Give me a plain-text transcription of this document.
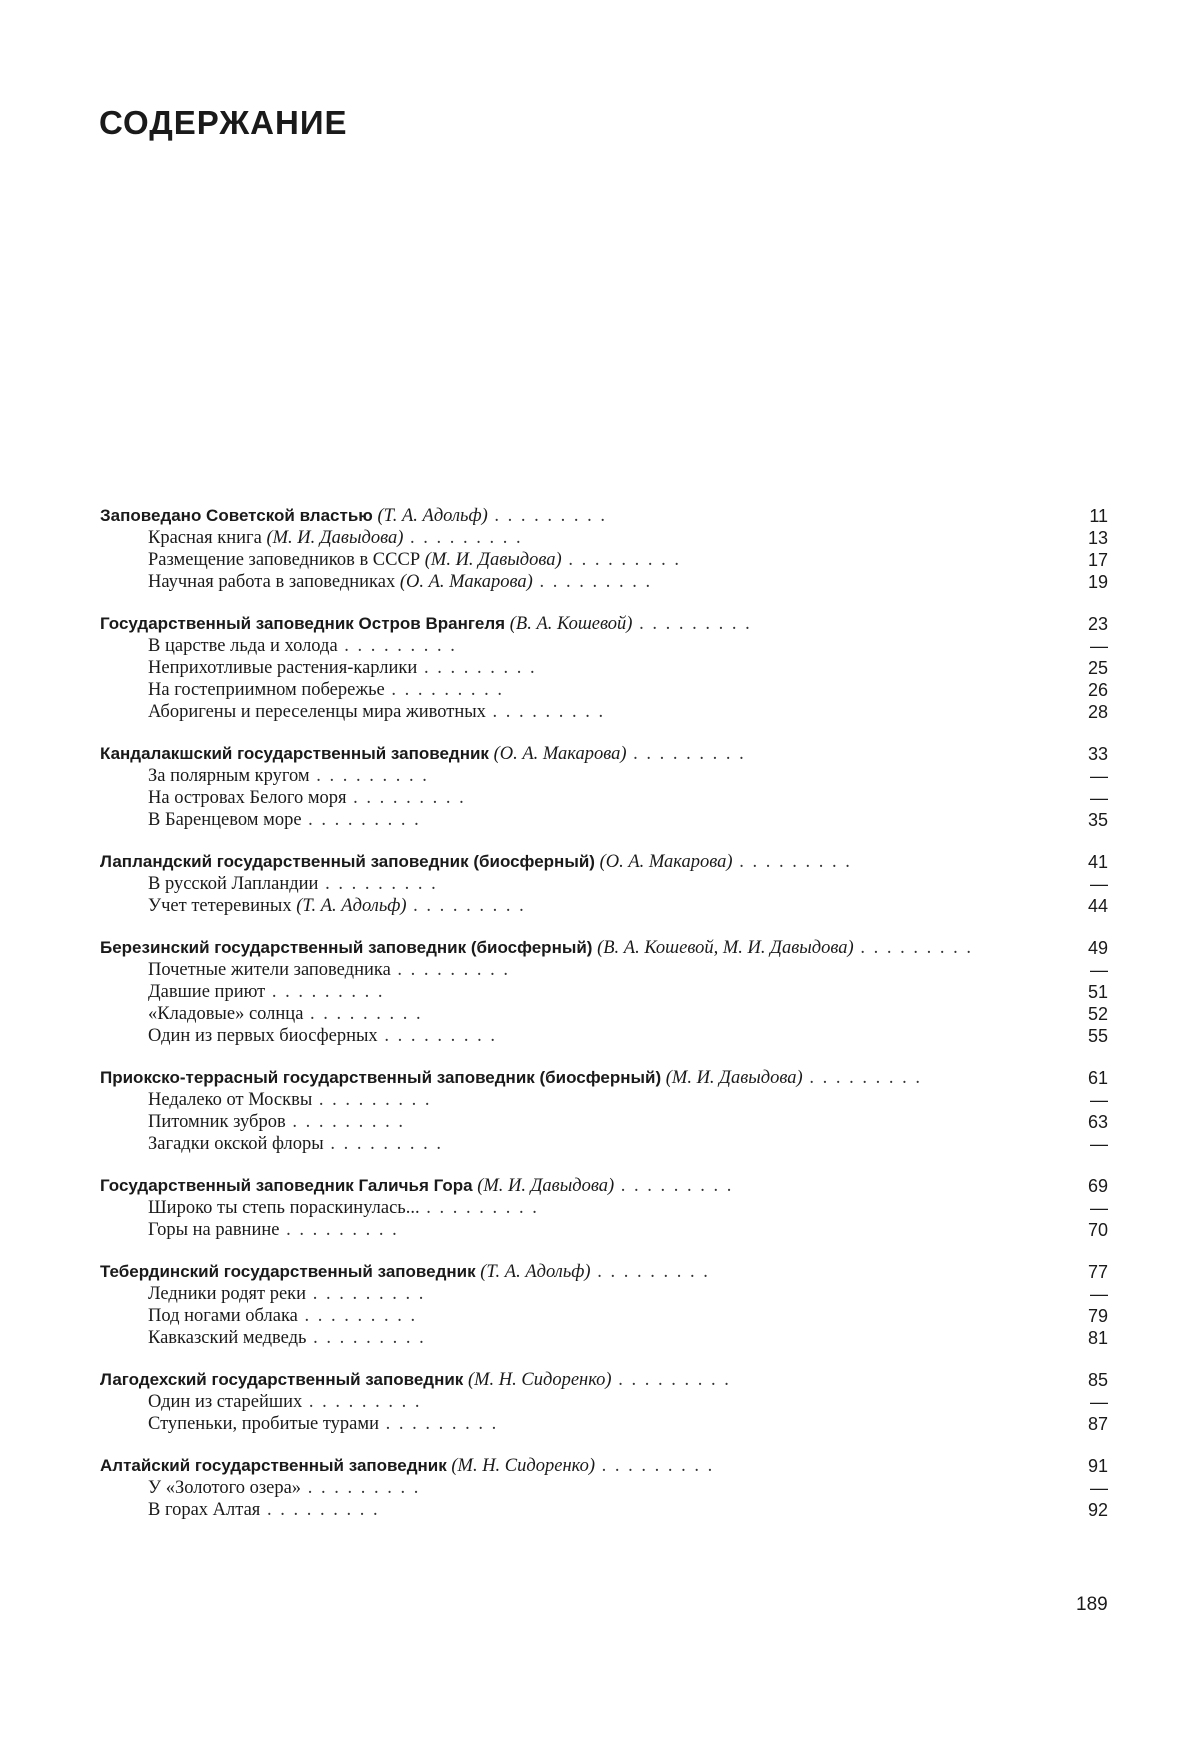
СОДЕРЖАНИЕ
Заповедано Советской властью (Т. А. Адольф) . . . . . . . . .	11
Красная книга (М. И. Давыдова) . . . . . . . . .	13
Размещение заповедников в СССР (М. И. Давыдова) . . . . . . . . .	17
Научная работа в заповедниках (О. А. Макарова) . . . . . . . . .	19
Государственный заповедник Остров Врангеля (В. А. Кошевой) . . . . . . . . .	23
В царстве льда и холода . . . . . . . . .	—
Неприхотливые растения-карлики . . . . . . . . .	25
На гостеприимном побережье . . . . . . . . .	26
Аборигены и переселенцы мира животных . . . . . . . . .	28
Кандалакшский государственный заповедник (О. А. Макарова) . . . . . . . . .	33
За полярным кругом . . . . . . . . .	—
На островах Белого моря . . . . . . . . .	—
В Баренцевом море . . . . . . . . .	35
Лапландский государственный заповедник (биосферный) (О. А. Макарова) . . . . . . . . .	41
В русской Лапландии . . . . . . . . .	—
Учет тетеревиных (Т. А. Адольф) . . . . . . . . .	44
Березинский государственный заповедник (биосферный) (В. А. Кошевой, М. И. Давыдова) . . . . . . . . .	49
Почетные жители заповедника . . . . . . . . .	—
Давшие приют . . . . . . . . .	51
«Кладовые» солнца . . . . . . . . .	52
Один из первых биосферных . . . . . . . . .	55
Приокско-террасный государственный заповедник (биосферный) (М. И. Давыдова) . . . . . . . . .	61
Недалеко от Москвы . . . . . . . . .	—
Питомник зубров . . . . . . . . .	63
Загадки окской флоры . . . . . . . . .	—
Государственный заповедник Галичья Гора (М. И. Давыдова) . . . . . . . . .	69
Широко ты степь пораскинулась... . . . . . . . . .	—
Горы на равнине . . . . . . . . .	70
Тебердинский государственный заповедник (Т. А. Адольф) . . . . . . . . .	77
Ледники родят реки . . . . . . . . .	—
Под ногами облака . . . . . . . . .	79
Кавказский медведь . . . . . . . . .	81
Лагодехский государственный заповедник (М. Н. Сидоренко) . . . . . . . . .	85
Один из старейших . . . . . . . . .	—
Ступеньки, пробитые турами . . . . . . . . .	87
Алтайский государственный заповедник (М. Н. Сидоренко) . . . . . . . . .	91
У «Золотого озера» . . . . . . . . .	—
В горах Алтая . . . . . . . . .	92
189
